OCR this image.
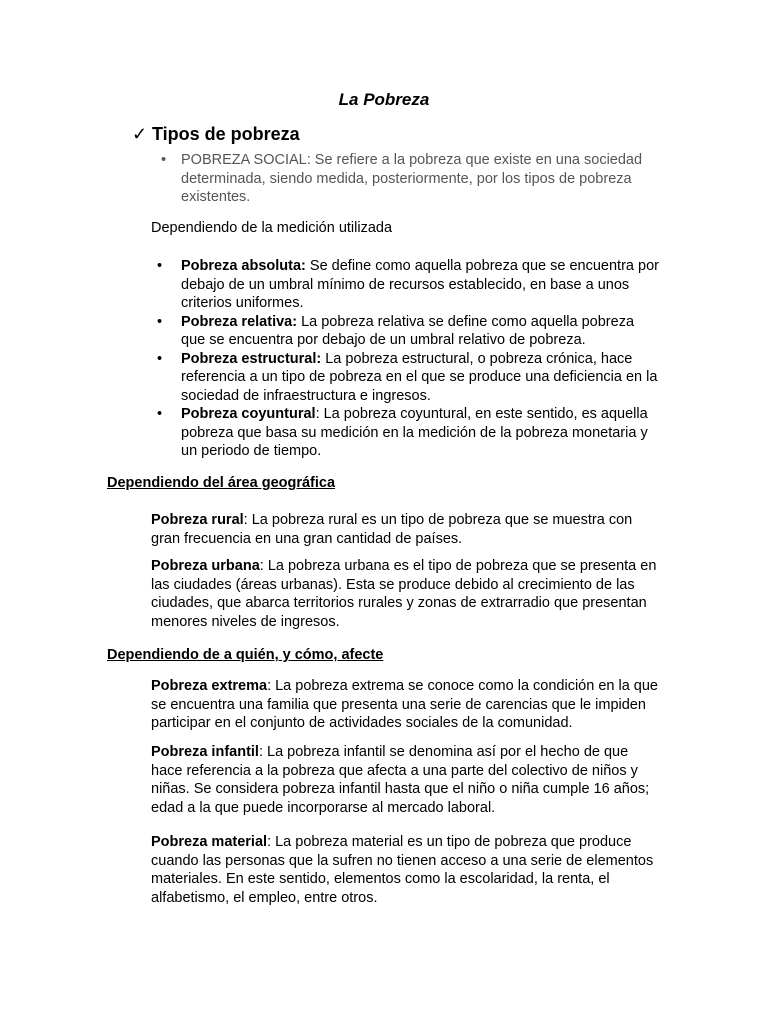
La Pobreza
✓ Tipos de pobreza

•	POBREZA SOCIAL: Se refiere a la pobreza que existe en una sociedad determinada, siendo medida, posteriormente, por los tipos de pobreza existentes.

Dependiendo de la medición utilizada

• Pobreza absoluta: Se define como aquella pobreza que se encuentra por debajo de un umbral mínimo de recursos establecido, en base a unos criterios uniformes.
• Pobreza relativa: La pobreza relativa se define como aquella pobreza que se encuentra por debajo de un umbral relativo de pobreza.
• Pobreza estructural: La pobreza estructural, o pobreza crónica, hace referencia a un tipo de pobreza en el que se produce una deficiencia en la sociedad de infraestructura e ingresos.
• Pobreza coyuntural: La pobreza coyuntural, en este sentido, es aquella pobreza que basa su medición en la medición de la pobreza monetaria y un periodo de tiempo.

Dependiendo del área geográfica

Pobreza rural: La pobreza rural es un tipo de pobreza que se muestra con gran frecuencia en una gran cantidad de países.

Pobreza urbana: La pobreza urbana es el tipo de pobreza que se presenta en las ciudades (áreas urbanas). Esta se produce debido al crecimiento de las ciudades, que abarca territorios rurales y zonas de extrarradio que presentan menores niveles de ingresos.

Dependiendo de a quién, y cómo, afecte

Pobreza extrema: La pobreza extrema se conoce como la condición en la que se encuentra una familia que presenta una serie de carencias que le impiden participar en el conjunto de actividades sociales de la comunidad.

Pobreza infantil: La pobreza infantil se denomina así por el hecho de que hace referencia a la pobreza que afecta a una parte del colectivo de niños y niñas. Se considera pobreza infantil hasta que el niño o niña cumple 16 años; edad a la que puede incorporarse al mercado laboral.

Pobreza material: La pobreza material es un tipo de pobreza que produce cuando las personas que la sufren no tienen acceso a una serie de elementos materiales. En este sentido, elementos como la escolaridad, la renta, el alfabetismo, el empleo, entre otros.
